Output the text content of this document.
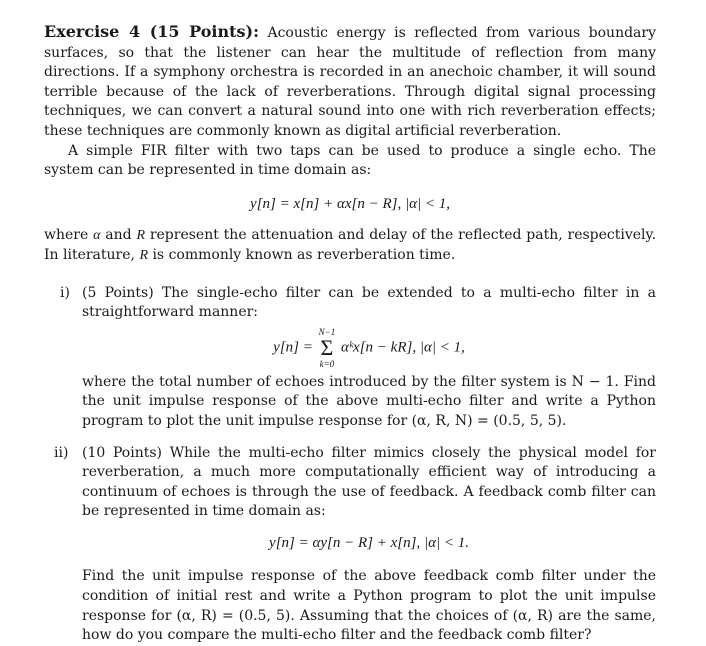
Exercise 4 (15 Points): Acoustic energy is reflected from various boundary surfaces, so that the listener can hear the multitude of reflection from many directions. If a symphony orchestra is recorded in an anechoic chamber, it will sound terrible because of the lack of reverberations. Through digital signal processing techniques, we can convert a natural sound into one with rich reverberation effects; these techniques are commonly known as digital artificial reverberation.

A simple FIR filter with two taps can be used to produce a single echo. The system can be represented in time domain as:

y[n] = x[n] + αx[n − R], |α| < 1,

where α and R represent the attenuation and delay of the reflected path, respectively. In literature, R is commonly known as reverberation time.

i) (5 Points) The single-echo filter can be extended to a multi-echo filter in a straightforward manner:

y[n] =
N−1
Σ
k=0
αᵏx[n − kR], |α| < 1,

where the total number of echoes introduced by the filter system is N − 1. Find the unit impulse response of the above multi-echo filter and write a Python program to plot the unit impulse response for (α, R, N) = (0.5, 5, 5).

ii) (10 Points) While the multi-echo filter mimics closely the physical model for reverberation, a much more computationally efficient way of introducing a continuum of echoes is through the use of feedback. A feedback comb filter can be represented in time domain as:

y[n] = αy[n − R] + x[n], |α| < 1.

Find the unit impulse response of the above feedback comb filter under the condition of initial rest and write a Python program to plot the unit impulse response for (α, R) = (0.5, 5). Assuming that the choices of (α, R) are the same, how do you compare the multi-echo filter and the feedback comb filter?
